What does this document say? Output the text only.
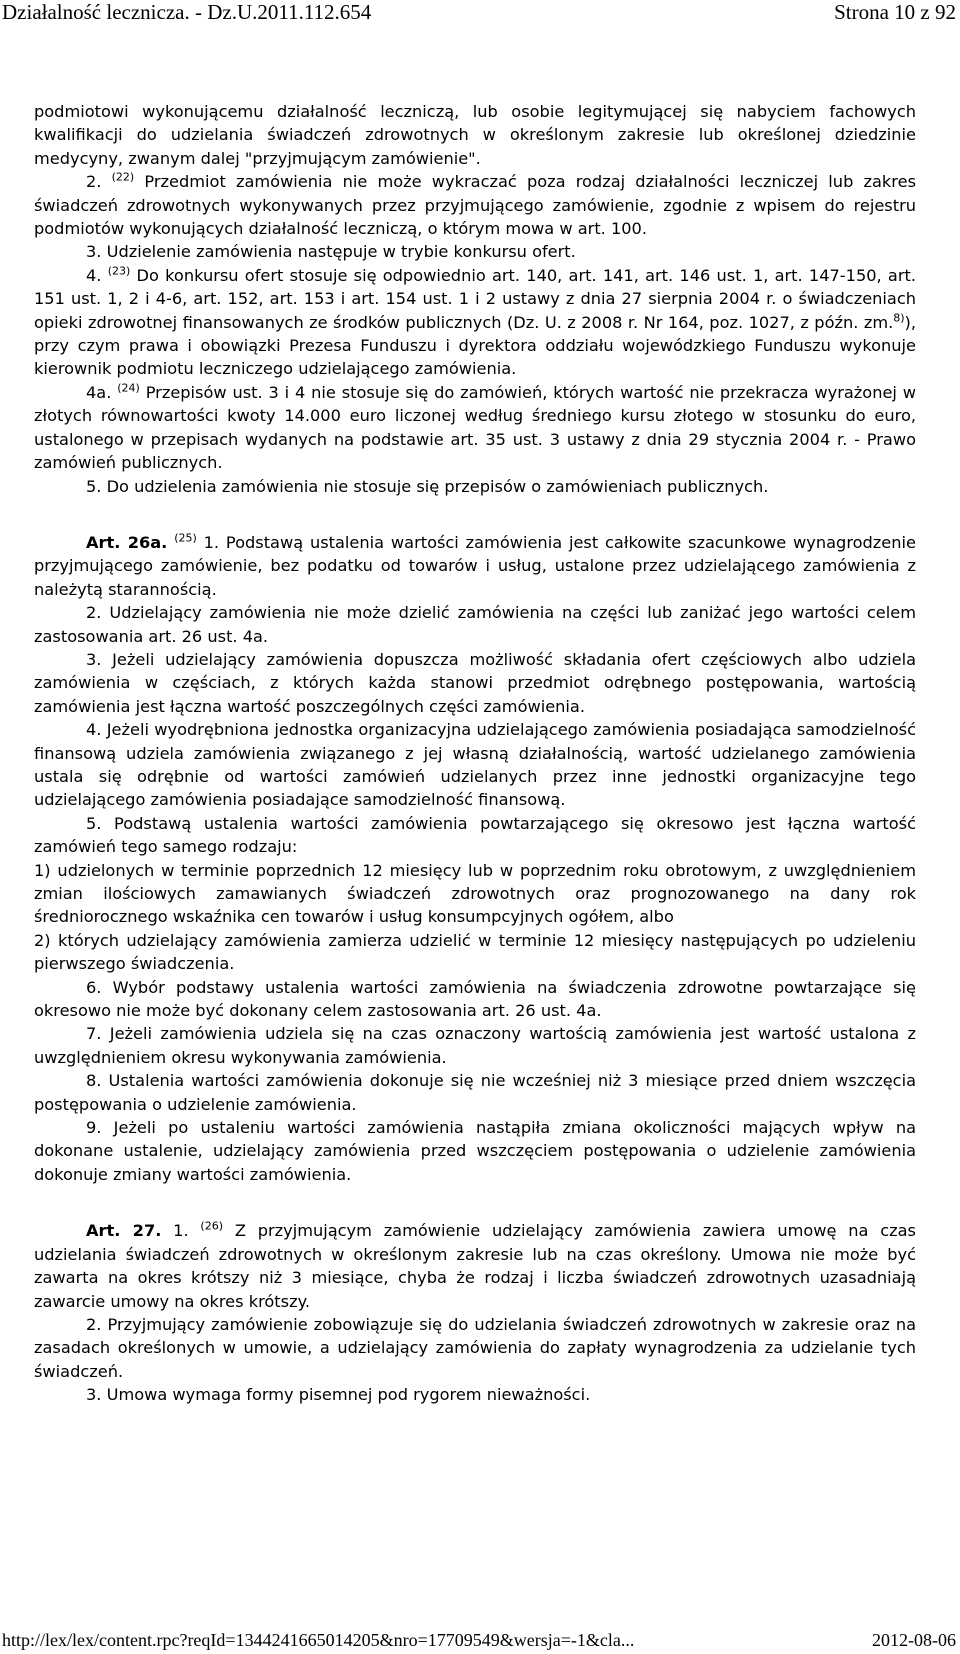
Działalność lecznicza. - Dz.U.2011.112.654	Strona 10 z 92

podmiotowi wykonującemu działalność leczniczą, lub osobie legitymującej się nabyciem fachowych kwalifikacji do udzielania świadczeń zdrowotnych w określonym zakresie lub określonej dziedzinie medycyny, zwanym dalej "przyjmującym zamówienie".

2. $^{(22)}$ Przedmiot zamówienia nie może wykraczać poza rodzaj działalności leczniczej lub zakres świadczeń zdrowotnych wykonywanych przez przyjmującego zamówienie, zgodnie z wpisem do rejestru podmiotów wykonujących działalność leczniczą, o którym mowa w art. 100.

3. Udzielenie zamówienia następuje w trybie konkursu ofert.

4. $^{(23)}$ Do konkursu ofert stosuje się odpowiednio art. 140, art. 141, art. 146 ust. 1, art. 147-150, art. 151 ust. 1, 2 i 4-6, art. 152, art. 153 i art. 154 ust. 1 i 2 ustawy z dnia 27 sierpnia 2004 r. o świadczeniach opieki zdrowotnej finansowanych ze środków publicznych (Dz. U. z 2008 r. Nr 164, poz. 1027, z późn. zm.$^{8)}$), przy czym prawa i obowiązki Prezesa Funduszu i dyrektora oddziału wojewódzkiego Funduszu wykonuje kierownik podmiotu leczniczego udzielającego zamówienia.

4a. $^{(24)}$ Przepisów ust. 3 i 4 nie stosuje się do zamówień, których wartość nie przekracza wyrażonej w złotych równowartości kwoty 14.000 euro liczonej według średniego kursu złotego w stosunku do euro, ustalonego w przepisach wydanych na podstawie art. 35 ust. 3 ustawy z dnia 29 stycznia 2004 r. - Prawo zamówień publicznych.

5. Do udzielenia zamówienia nie stosuje się przepisów o zamówieniach publicznych.

Art. 26a. $^{(25)}$ 1. Podstawą ustalenia wartości zamówienia jest całkowite szacunkowe wynagrodzenie przyjmującego zamówienie, bez podatku od towarów i usług, ustalone przez udzielającego zamówienia z należytą starannością.

2. Udzielający zamówienia nie może dzielić zamówienia na części lub zaniżać jego wartości celem zastosowania art. 26 ust. 4a.

3. Jeżeli udzielający zamówienia dopuszcza możliwość składania ofert częściowych albo udziela zamówienia w częściach, z których każda stanowi przedmiot odrębnego postępowania, wartością zamówienia jest łączna wartość poszczególnych części zamówienia.

4. Jeżeli wyodrębniona jednostka organizacyjna udzielającego zamówienia posiadająca samodzielność finansową udziela zamówienia związanego z jej własną działalnością, wartość udzielanego zamówienia ustala się odrębnie od wartości zamówień udzielanych przez inne jednostki organizacyjne tego udzielającego zamówienia posiadające samodzielność finansową.

5. Podstawą ustalenia wartości zamówienia powtarzającego się okresowo jest łączna wartość zamówień tego samego rodzaju:

1) udzielonych w terminie poprzednich 12 miesięcy lub w poprzednim roku obrotowym, z uwzględnieniem zmian ilościowych zamawianych świadczeń zdrowotnych oraz prognozowanego na dany rok średniorocznego wskaźnika cen towarów i usług konsumpcyjnych ogółem, albo

2) których udzielający zamówienia zamierza udzielić w terminie 12 miesięcy następujących po udzieleniu pierwszego świadczenia.

6. Wybór podstawy ustalenia wartości zamówienia na świadczenia zdrowotne powtarzające się okresowo nie może być dokonany celem zastosowania art. 26 ust. 4a.

7. Jeżeli zamówienia udziela się na czas oznaczony wartością zamówienia jest wartość ustalona z uwzględnieniem okresu wykonywania zamówienia.

8. Ustalenia wartości zamówienia dokonuje się nie wcześniej niż 3 miesiące przed dniem wszczęcia postępowania o udzielenie zamówienia.

9. Jeżeli po ustaleniu wartości zamówienia nastąpiła zmiana okoliczności mających wpływ na dokonane ustalenie, udzielający zamówienia przed wszczęciem postępowania o udzielenie zamówienia dokonuje zmiany wartości zamówienia.

Art. 27. 1. $^{(26)}$ Z przyjmującym zamówienie udzielający zamówienia zawiera umowę na czas udzielania świadczeń zdrowotnych w określonym zakresie lub na czas określony. Umowa nie może być zawarta na okres krótszy niż 3 miesiące, chyba że rodzaj i liczba świadczeń zdrowotnych uzasadniają zawarcie umowy na okres krótszy.

2. Przyjmujący zamówienie zobowiązuje się do udzielania świadczeń zdrowotnych w zakresie oraz na zasadach określonych w umowie, a udzielający zamówienia do zapłaty wynagrodzenia za udzielanie tych świadczeń.

3. Umowa wymaga formy pisemnej pod rygorem nieważności.

http://lex/lex/content.rpc?reqId=1344241665014205&nro=17709549&wersja=-1&cla...	2012-08-06
